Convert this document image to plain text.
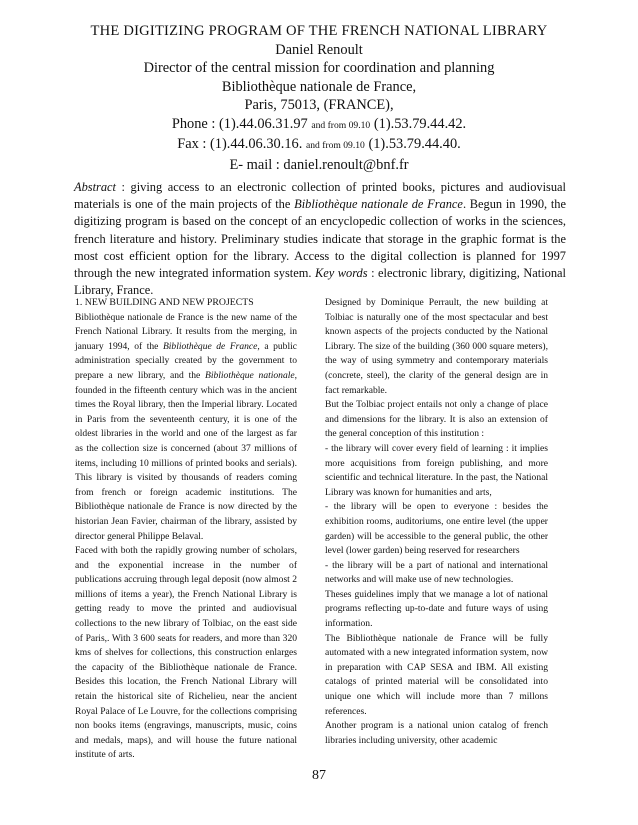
THE DIGITIZING PROGRAM OF THE FRENCH NATIONAL LIBRARY
Daniel Renoult
Director of the central mission for coordination and planning
Bibliothèque nationale de France,
Paris, 75013, (FRANCE),
Phone : (1).44.06.31.97 and from 09.10 (1).53.79.44.42.
Fax : (1).44.06.30.16. and from 09.10 (1).53.79.44.40.
E- mail : daniel.renoult@bnf.fr
Abstract : giving access to an electronic collection of printed books, pictures and audiovisual materials is one of the main projects of the Bibliothèque nationale de France. Begun in 1990, the digitizing program is based on the concept of an encyclopedic collection of works in the sciences, french literature and history. Preliminary studies indicate that storage in the graphic format is the most cost efficient option for the library. Access to the digital collection is planned for 1997 through the new integrated information system. Key words : electronic library, digitizing, National Library, France.

1. NEW BUILDING AND NEW PROJECTS

Bibliothèque nationale de France is the new name of the French National Library. It results from the merging, in january 1994, of the Bibliothèque de France, a public administration specially created by the government to prepare a new library, and the Bibliothèque nationale, founded in the fifteenth century which was in the ancient times the Royal library, then the Imperial library. Located in Paris from the seventeenth century, it is one of the oldest libraries in the world and one of the largest as far as the collection size is concerned (about 37 millions of items, including 10 millions of printed books and serials). This library is visited by thousands of readers coming from french or foreign academic institutions. The Bibliothèque nationale de France is now directed by the historian Jean Favier, chairman of the library, assisted by director general Philippe Belaval.

Faced with both the rapidly growing number of scholars, and the exponential increase in the number of publications accruing through legal deposit (now almost 2 millions of items a year), the French National Library is getting ready to move the printed and audiovisual collections to the new library of Tolbiac, on the east side of Paris,. With 3 600 seats for readers, and more than 320 kms of shelves for collections, this construction enlarges the capacity of the Bibliothèque nationale de France. Besides this location, the French National Library will retain the historical site of Richelieu, near the ancient Royal Palace of Le Louvre, for the collections comprising non books items (engravings, manuscripts, music, coins and medals, maps), and will house the future national institute of arts.

Designed by Dominique Perrault, the new building at Tolbiac is naturally one of the most spectacular and best known aspects of the projects conducted by the National Library. The size of the building (360 000 square meters), the way of using symmetry and contemporary materials (concrete, steel), the clarity of the general design are in fact remarkable.

But the Tolbiac project entails not only a change of place and dimensions for the library. It is also an extension of the general conception of this institution :

- the library will cover every field of learning : it implies more acquisitions from foreign publishing, and more scientific and technical literature. In the past, the National Library was known for humanities and arts,

- the library will be open to everyone : besides the exhibition rooms, auditoriums, one entire level (the upper garden) will be accessible to the general public, the other level (lower garden) being reserved for researchers

- the library will be a part of national and international networks and will make use of new technologies.

Theses guidelines imply that we manage a lot of national programs reflecting up-to-date and future ways of using information.

The Bibliothèque nationale de France will be fully automated with a new integrated information system, now in preparation with CAP SESA and IBM. All existing catalogs of printed material will be consolidated into unique one which will include more than 7 millons references.

Another program is a national union catalog of french libraries including university, other academic

87
